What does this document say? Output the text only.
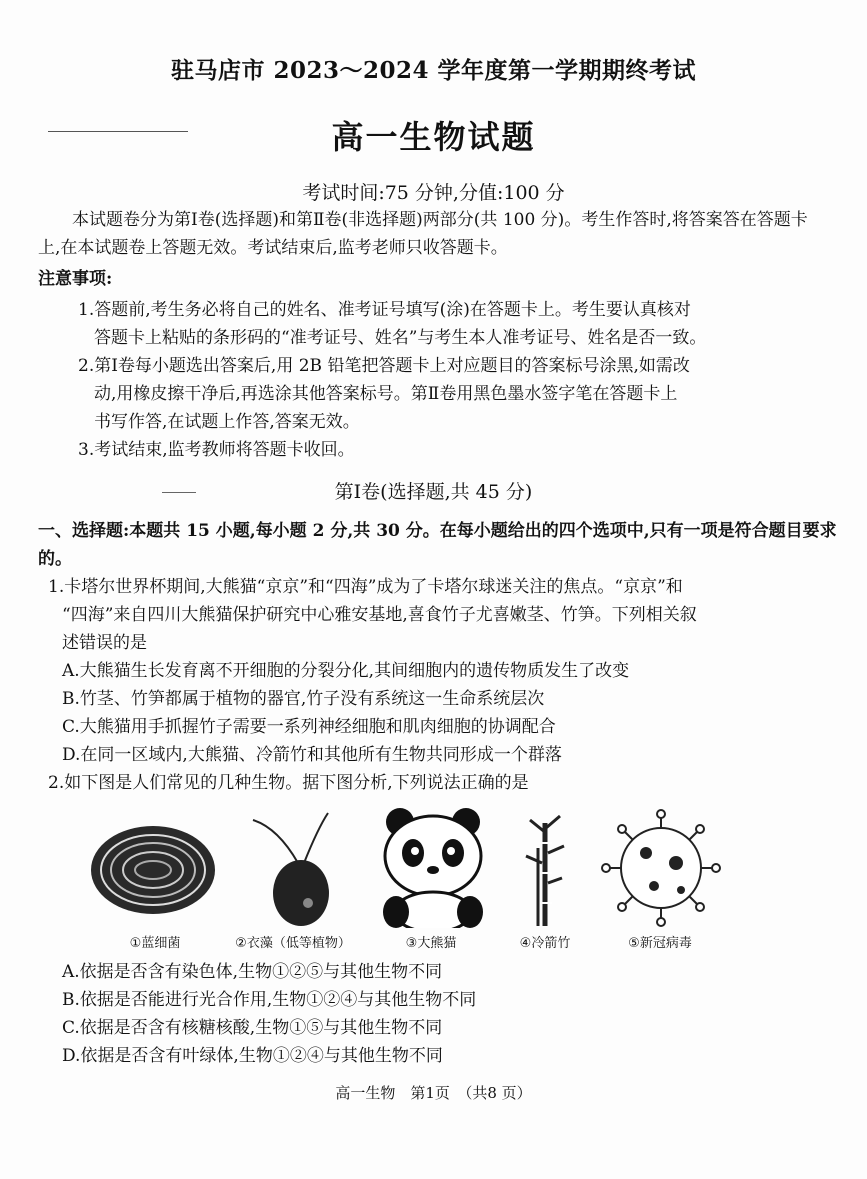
驻马店市 2023～2024 学年度第一学期期终考试
高一生物试题
考试时间:75 分钟,分值:100 分
本试题卷分为第Ⅰ卷(选择题)和第Ⅱ卷(非选择题)两部分(共 100 分)。考生作答时,将答案答在答题卡上,在本试题卷上答题无效。考试结束后,监考老师只收答题卡。
注意事项:
1.答题前,考生务必将自己的姓名、准考证号填写(涂)在答题卡上。考生要认真核对
答题卡上粘贴的条形码的“准考证号、姓名”与考生本人准考证号、姓名是否一致。
2.第Ⅰ卷每小题选出答案后,用 2B 铅笔把答题卡上对应题目的答案标号涂黑,如需改
动,用橡皮擦干净后,再选涂其他答案标号。第Ⅱ卷用黑色墨水签字笔在答题卡上
书写作答,在试题上作答,答案无效。
3.考试结束,监考教师将答题卡收回。
第Ⅰ卷(选择题,共 45 分)
一、选择题:本题共 15 小题,每小题 2 分,共 30 分。在每小题给出的四个选项中,只有一项是符合题目要求的。
1.卡塔尔世界杯期间,大熊猫“京京”和“四海”成为了卡塔尔球迷关注的焦点。“京京”和
“四海”来自四川大熊猫保护研究中心雅安基地,喜食竹子尤喜嫩茎、竹笋。下列相关叙
述错误的是
A.大熊猫生长发育离不开细胞的分裂分化,其间细胞内的遗传物质发生了改变
B.竹茎、竹笋都属于植物的器官,竹子没有系统这一生命系统层次
C.大熊猫用手抓握竹子需要一系列神经细胞和肌肉细胞的协调配合
D.在同一区域内,大熊猫、冷箭竹和其他所有生物共同形成一个群落
2.如下图是人们常见的几种生物。据下图分析,下列说法正确的是
①蓝细菌	②衣藻（低等植物）	③大熊猫	④冷箭竹	⑤新冠病毒
A.依据是否含有染色体,生物①②⑤与其他生物不同
B.依据是否能进行光合作用,生物①②④与其他生物不同
C.依据是否含有核糖核酸,生物①⑤与其他生物不同
D.依据是否含有叶绿体,生物①②④与其他生物不同
高一生物　第1页　（共8 页）
